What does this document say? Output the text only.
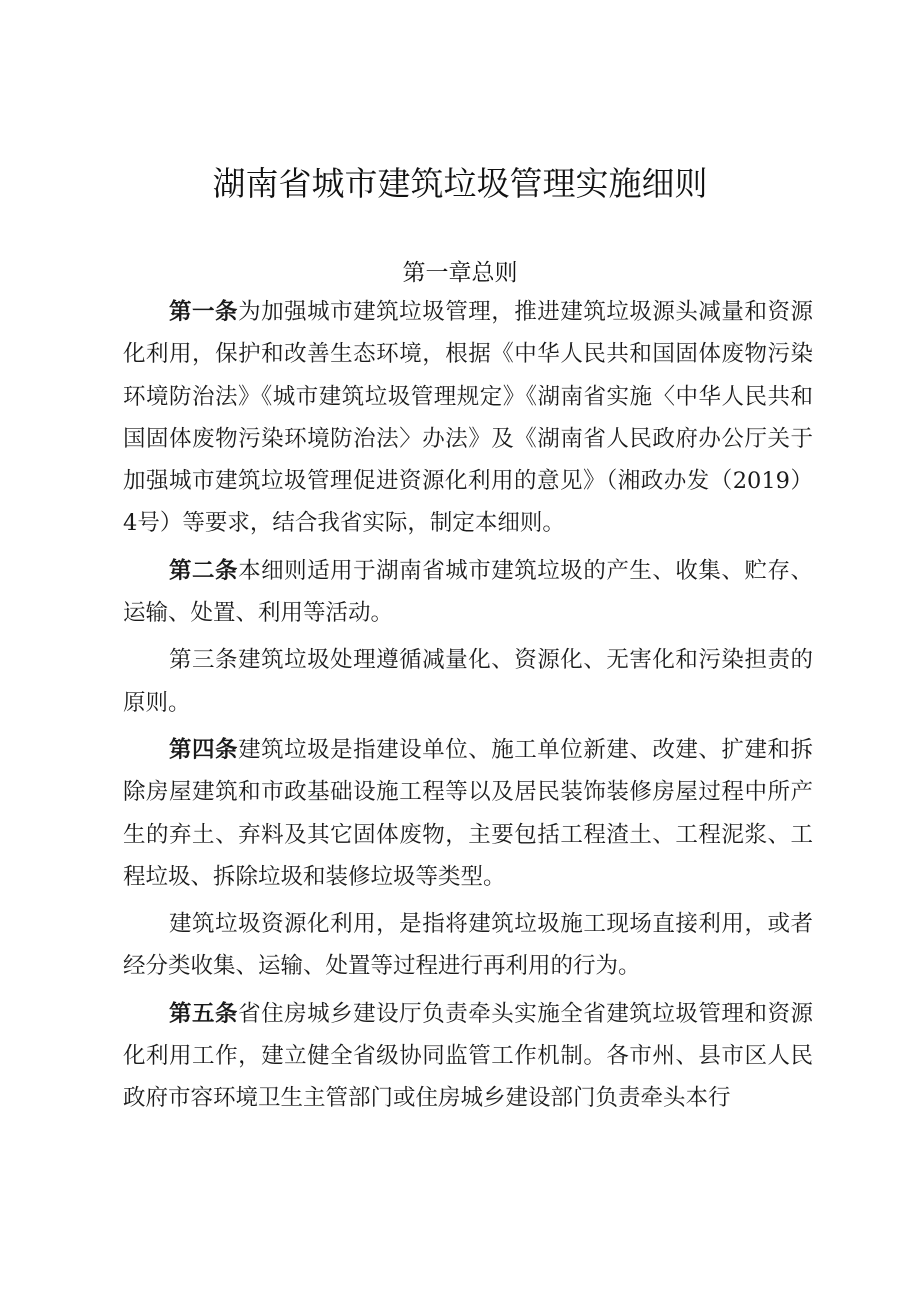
湖南省城市建筑垃圾管理实施细则
第一章总则

第一条为加强城市建筑垃圾管理，推进建筑垃圾源头减量和资源化利用，保护和改善生态环境，根据《中华人民共和国固体废物污染环境防治法》《城市建筑垃圾管理规定》《湖南省实施〈中华人民共和国固体废物污染环境防治法〉办法》及《湖南省人民政府办公厅关于加强城市建筑垃圾管理促进资源化利用的意见》（湘政办发（2019）4号）等要求，结合我省实际，制定本细则。

第二条本细则适用于湖南省城市建筑垃圾的产生、收集、贮存、运输、处置、利用等活动。

第三条建筑垃圾处理遵循减量化、资源化、无害化和污染担责的原则。

第四条建筑垃圾是指建设单位、施工单位新建、改建、扩建和拆除房屋建筑和市政基础设施工程等以及居民装饰装修房屋过程中所产生的弃土、弃料及其它固体废物，主要包括工程渣土、工程泥浆、工程垃圾、拆除垃圾和装修垃圾等类型。

建筑垃圾资源化利用，是指将建筑垃圾施工现场直接利用，或者经分类收集、运输、处置等过程进行再利用的行为。

第五条省住房城乡建设厅负责牵头实施全省建筑垃圾管理和资源化利用工作，建立健全省级协同监管工作机制。各市州、县市区人民政府市容环境卫生主管部门或住房城乡建设部门负责牵头本行
